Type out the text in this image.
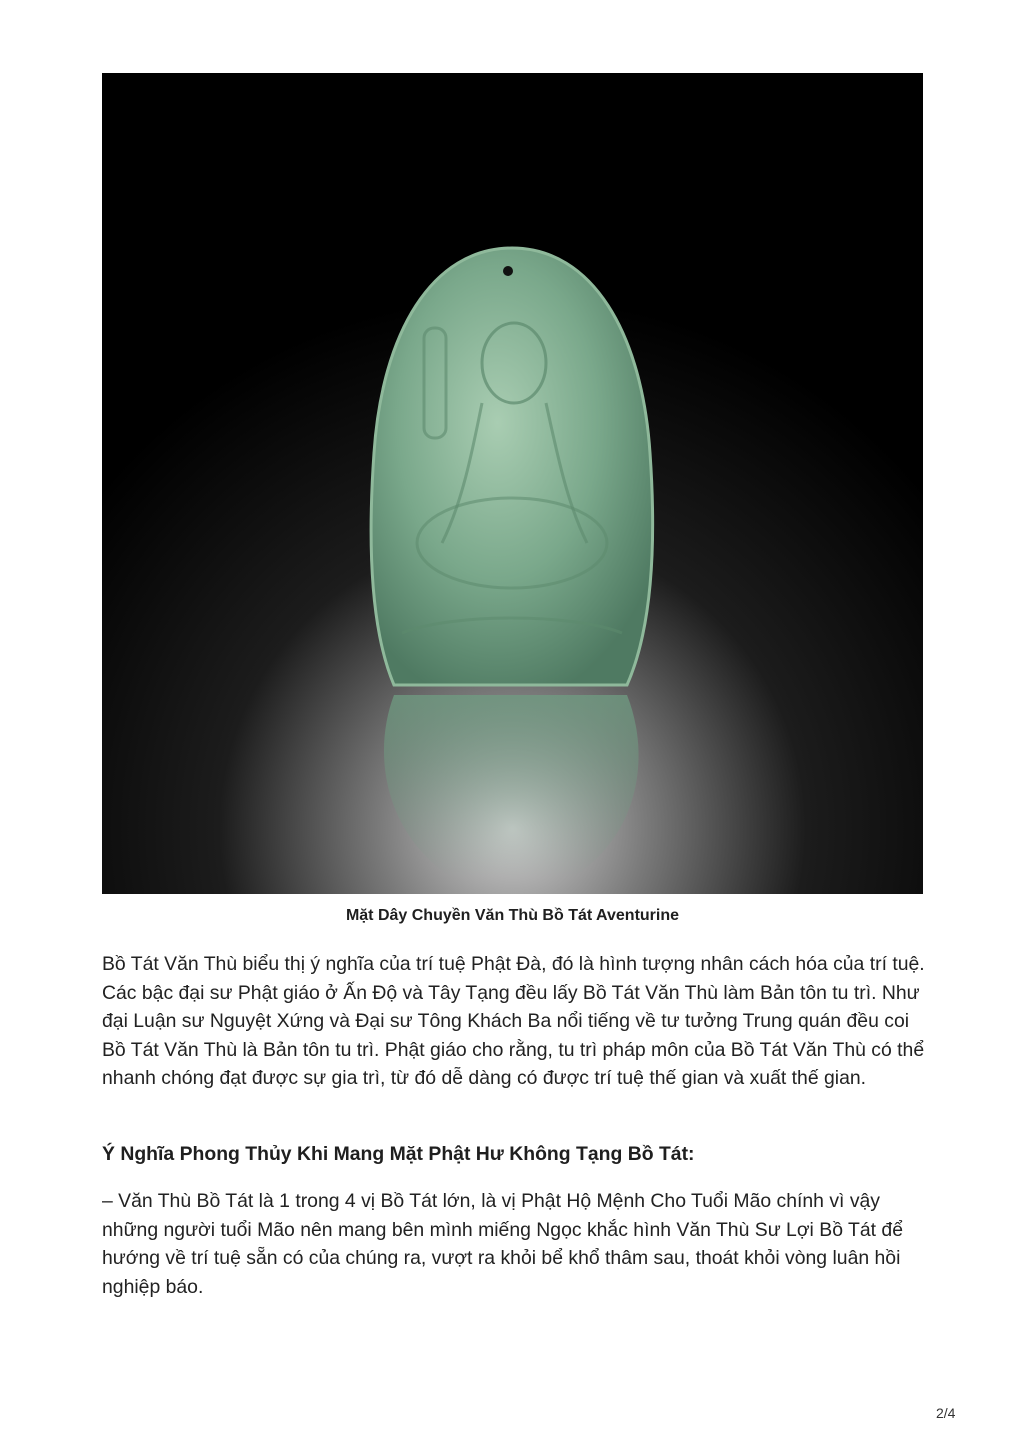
Mặt Dây Chuyền Văn Thù Bồ Tát Aventurine

Bồ Tát Văn Thù biểu thị ý nghĩa của trí tuệ Phật Đà, đó là hình tượng nhân cách hóa của trí tuệ. Các bậc đại sư Phật giáo ở Ấn Độ và Tây Tạng đều lấy Bồ Tát Văn Thù làm Bản tôn tu trì. Như đại Luận sư Nguyệt Xứng và Đại sư Tông Khách Ba nổi tiếng về tư tưởng Trung quán đều coi Bồ Tát Văn Thù là Bản tôn tu trì. Phật giáo cho rằng, tu trì pháp môn của Bồ Tát Văn Thù có thể nhanh chóng đạt được sự gia trì, từ đó dễ dàng có được trí tuệ thế gian và xuất thế gian.

Ý Nghĩa Phong Thủy Khi Mang Mặt Phật Hư Không Tạng Bồ Tát:

– Văn Thù Bồ Tát là 1 trong 4 vị Bồ Tát lớn, là vị Phật Hộ Mệnh Cho Tuổi Mão chính vì vậy những người tuổi Mão nên mang bên mình miếng Ngọc khắc hình Văn Thù Sư Lợi Bồ Tát để hướng về trí tuệ sẵn có của chúng ra, vượt ra khỏi bể khổ thâm sau, thoát khỏi vòng luân hồi nghiệp báo.

2/4
